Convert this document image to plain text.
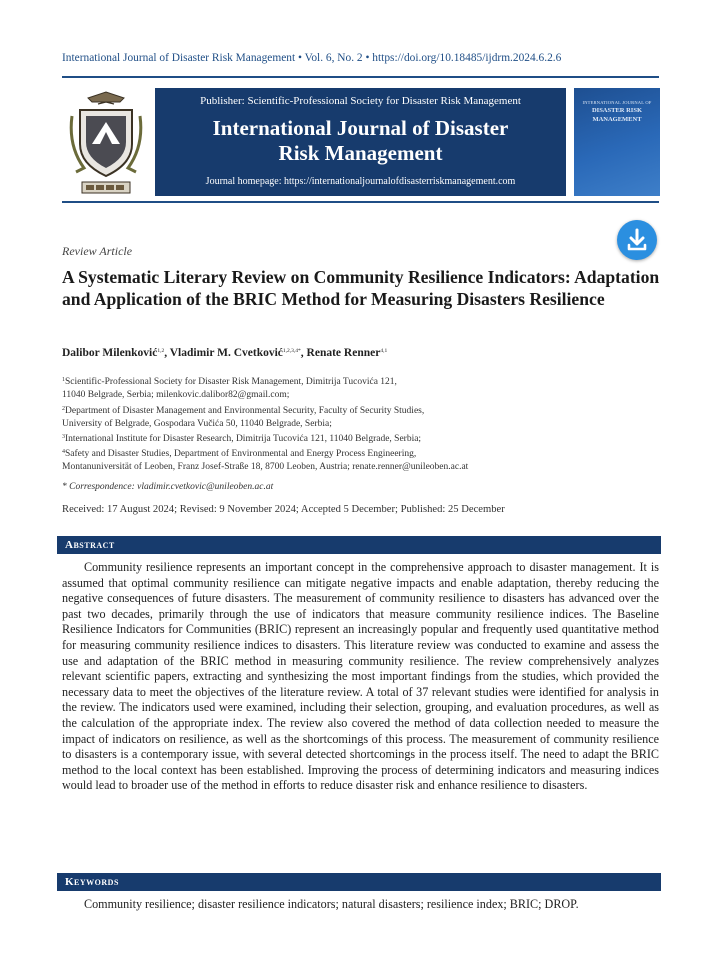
International Journal of Disaster Risk Management • Vol. 6, No. 2 • https://doi.org/10.18485/ijdrm.2024.6.2.6
Publisher: Scientific-Professional Society for Disaster Risk Management
International Journal of Disaster
Risk Management
Journal homepage: https://internationaljournalofdisasterriskmanagement.com
INTERNATIONAL JOURNAL OF
DISASTER RISK
MANAGEMENT
Review Article
A Systematic Literary Review on Community Resilience Indicators: Adaptation and Application of the BRIC Method for Measuring Disasters Resilience
Dalibor Milenković$^{1,2}$, Vladimir M. Cvetković$^{1,2,3,4*}$, Renate Renner$^{4,1}$
$^1$Scientific-Professional Society for Disaster Risk Management, Dimitrija Tucovića 121,
11040 Belgrade, Serbia; milenkovic.dalibor82@gmail.com;
$^2$Department of Disaster Management and Environmental Security, Faculty of Security Studies,
University of Belgrade, Gospodara Vučića 50, 11040 Belgrade, Serbia;
$^3$International Institute for Disaster Research, Dimitrija Tucovića 121, 11040 Belgrade, Serbia;
$^4$Safety and Disaster Studies, Department of Environmental and Energy Process Engineering,
Montanuniversität of Leoben, Franz Josef-Straße 18, 8700 Leoben, Austria; renate.renner@unileoben.ac.at
* Correspondence: vladimir.cvetkovic@unileoben.ac.at
Received: 17 August 2024; Revised: 9 November 2024; Accepted 5 December; Published: 25 December
Abstract
Community resilience represents an important concept in the comprehensive approach to disaster management. It is assumed that optimal community resilience can mitigate negative impacts and enable adaptation, thereby reducing the negative consequences of future disasters. The measurement of community resilience to disasters has advanced over the past two decades, primarily through the use of indicators that measure community resilience indices. The Baseline Resilience Indicators for Communities (BRIC) represent an increasingly popular and frequently used quantitative method for measuring community resilience indices to disasters. This literature review was conducted to examine and assess the use and adaptation of the BRIC method in measuring community resilience. The review comprehensively analyzes relevant scientific papers, extracting and synthesizing the most important findings from the studies, which provided the necessary data to meet the objectives of the literature review. A total of 37 relevant studies were identified for analysis in the review. The indicators used were examined, including their selection, grouping, and evaluation procedures, as well as the calculation of the appropriate index. The review also covered the method of data collection needed to measure the impact of indicators on resilience, as well as the shortcomings of this process. The measurement of community resilience to disasters is a contemporary issue, with several detected shortcomings in the process itself. The need to adapt the BRIC method to the local context has been established. Improving the process of determining indicators and measuring indices would lead to broader use of the method in efforts to reduce disaster risk and enhance resilience to disasters.
Keywords
Community resilience; disaster resilience indicators; natural disasters; resilience index; BRIC; DROP.
